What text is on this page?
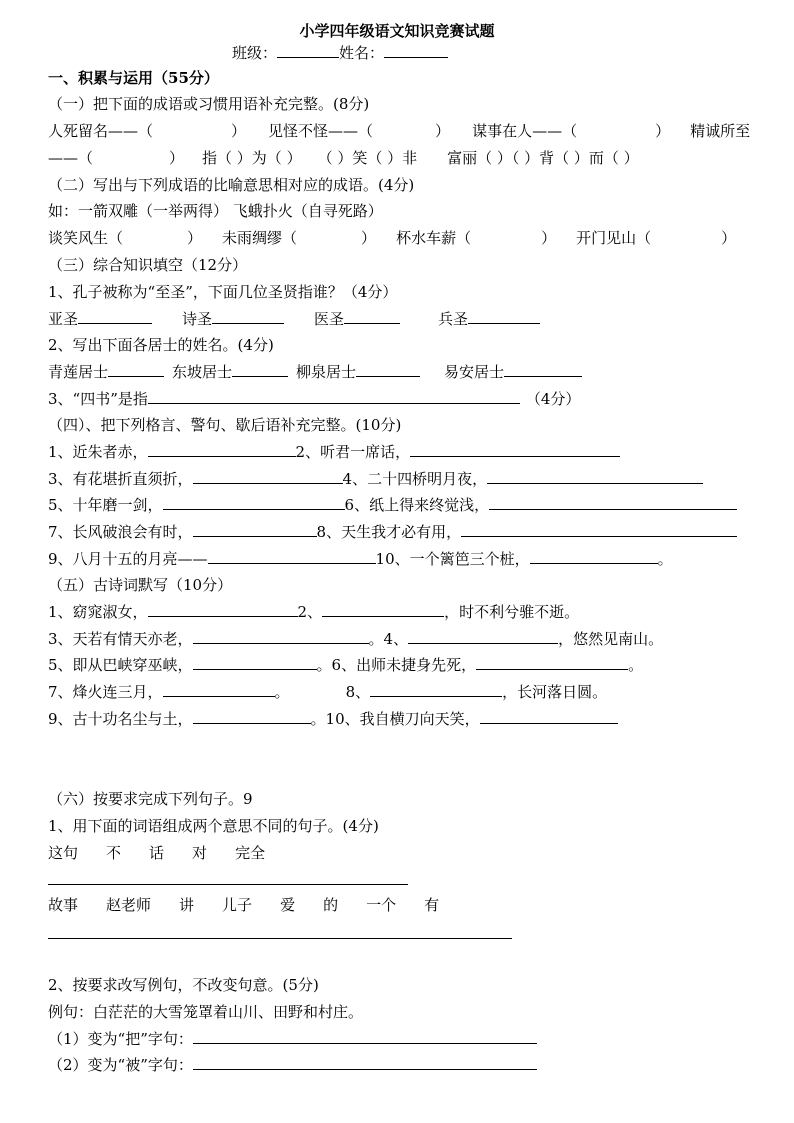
小学四年级语文知识竞赛试题
班级：	姓名：
一、积累与运用（55分）
（一）把下面的成语或习惯用语补充完整。(8分)
人死留名——（	） 见怪不怪——（	） 谋事在人——（	） 精诚所至
——（	） 指（ ）为（ ） （ ）笑（ ）非 富丽（ ）（ ）背（ ）而（ ）
（二）写出与下列成语的比喻意思相对应的成语。(4分)
如：一箭双雕（一举两得） 飞蛾扑火（自寻死路）
谈笑风生（	） 未雨绸缪（	） 杯水车薪（	） 开门见山（	）
（三）综合知识填空（12分）
1、孔子被称为“至圣”，下面几位圣贤指谁？（4分）
亚圣	诗圣	医圣	兵圣
2、写出下面各居士的姓名。(4分)
青莲居士	东坡居士	柳泉居士	易安居士
3、“四书”是指	（4分）
（四）、把下列格言、警句、歇后语补充完整。(10分)
1、近朱者赤，	2、听君一席话，
3、有花堪折直须折，	4、二十四桥明月夜，
5、十年磨一剑，	6、纸上得来终觉浅，
7、长风破浪会有时，	8、天生我才必有用，
9、八月十五的月亮——	10、一个篱笆三个桩，	。
（五）古诗词默写（10分）
1、窈窕淑女，	2、	，时不利兮骓不逝。
3、天若有情天亦老，	。4、	，悠然见南山。
5、即从巴峡穿巫峡，	。6、出师未捷身先死，	。
7、烽火连三月，	。	8、	，长河落日圆。
9、古十功名尘与土，	。10、我自横刀向天笑，
（六）按要求完成下列句子。9
1、用下面的词语组成两个意思不同的句子。(4分)
这句 不 话 对 完全
故事 赵老师 讲 儿子 爱 的 一个 有
2、按要求改写例句，不改变句意。(5分)
例句：白茫茫的大雪笼罩着山川、田野和村庄。
（1）变为“把”字句：
（2）变为“被”字句：
